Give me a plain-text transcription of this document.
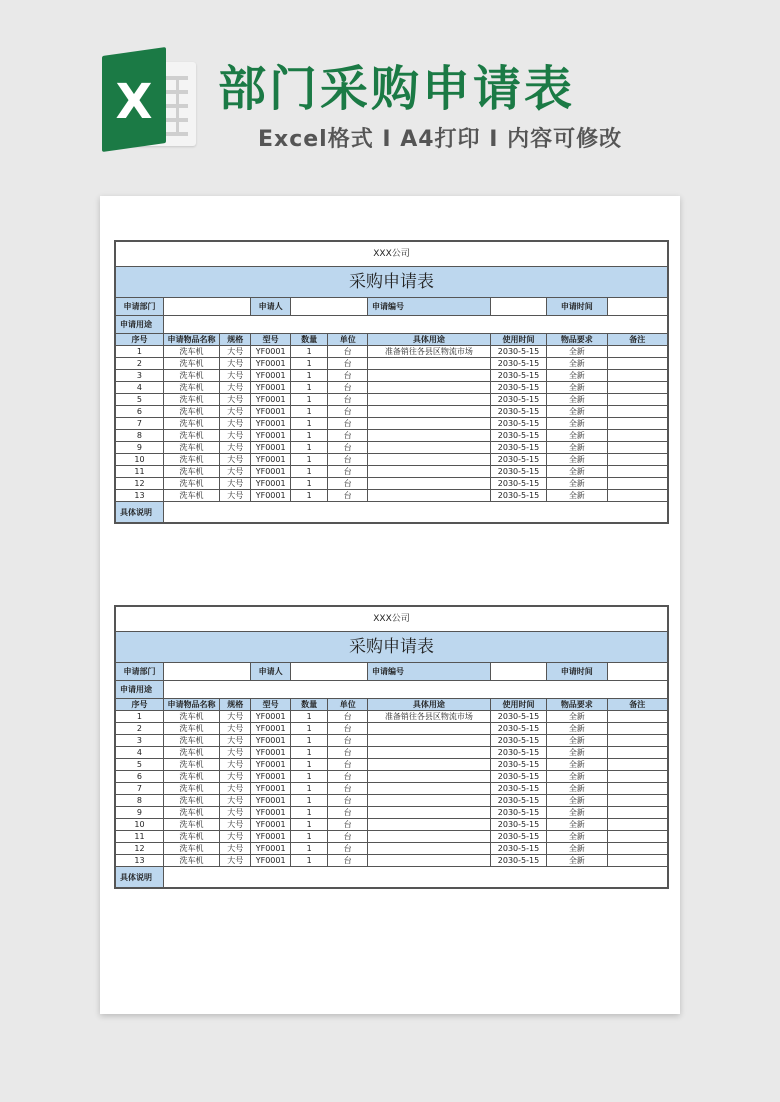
X 部门采购申请表
Excel格式 I A4打印 I 内容可修改
XXX公司									
采购申请表									
申请部门			申请人			申请编号		申请时间	
申请用途									
序号	申请物品名称	规格	型号	数量	单位	具体用途	使用时间	物品要求	备注
1	洗车机	大号	YF0001	1	台	准备销往各县区物流市场	2030-5-15	全新	
2	洗车机	大号	YF0001	1	台		2030-5-15	全新	
3	洗车机	大号	YF0001	1	台		2030-5-15	全新	
4	洗车机	大号	YF0001	1	台		2030-5-15	全新	
5	洗车机	大号	YF0001	1	台		2030-5-15	全新	
6	洗车机	大号	YF0001	1	台		2030-5-15	全新	
7	洗车机	大号	YF0001	1	台		2030-5-15	全新	
8	洗车机	大号	YF0001	1	台		2030-5-15	全新	
9	洗车机	大号	YF0001	1	台		2030-5-15	全新	
10	洗车机	大号	YF0001	1	台		2030-5-15	全新	
11	洗车机	大号	YF0001	1	台		2030-5-15	全新	
12	洗车机	大号	YF0001	1	台		2030-5-15	全新	
13	洗车机	大号	YF0001	1	台		2030-5-15	全新	
具体说明									
XXX公司									
采购申请表									
申请部门			申请人			申请编号		申请时间	
申请用途									
序号	申请物品名称	规格	型号	数量	单位	具体用途	使用时间	物品要求	备注
1	洗车机	大号	YF0001	1	台	准备销往各县区物流市场	2030-5-15	全新	
2	洗车机	大号	YF0001	1	台		2030-5-15	全新	
3	洗车机	大号	YF0001	1	台		2030-5-15	全新	
4	洗车机	大号	YF0001	1	台		2030-5-15	全新	
5	洗车机	大号	YF0001	1	台		2030-5-15	全新	
6	洗车机	大号	YF0001	1	台		2030-5-15	全新	
7	洗车机	大号	YF0001	1	台		2030-5-15	全新	
8	洗车机	大号	YF0001	1	台		2030-5-15	全新	
9	洗车机	大号	YF0001	1	台		2030-5-15	全新	
10	洗车机	大号	YF0001	1	台		2030-5-15	全新	
11	洗车机	大号	YF0001	1	台		2030-5-15	全新	
12	洗车机	大号	YF0001	1	台		2030-5-15	全新	
13	洗车机	大号	YF0001	1	台		2030-5-15	全新	
具体说明									
